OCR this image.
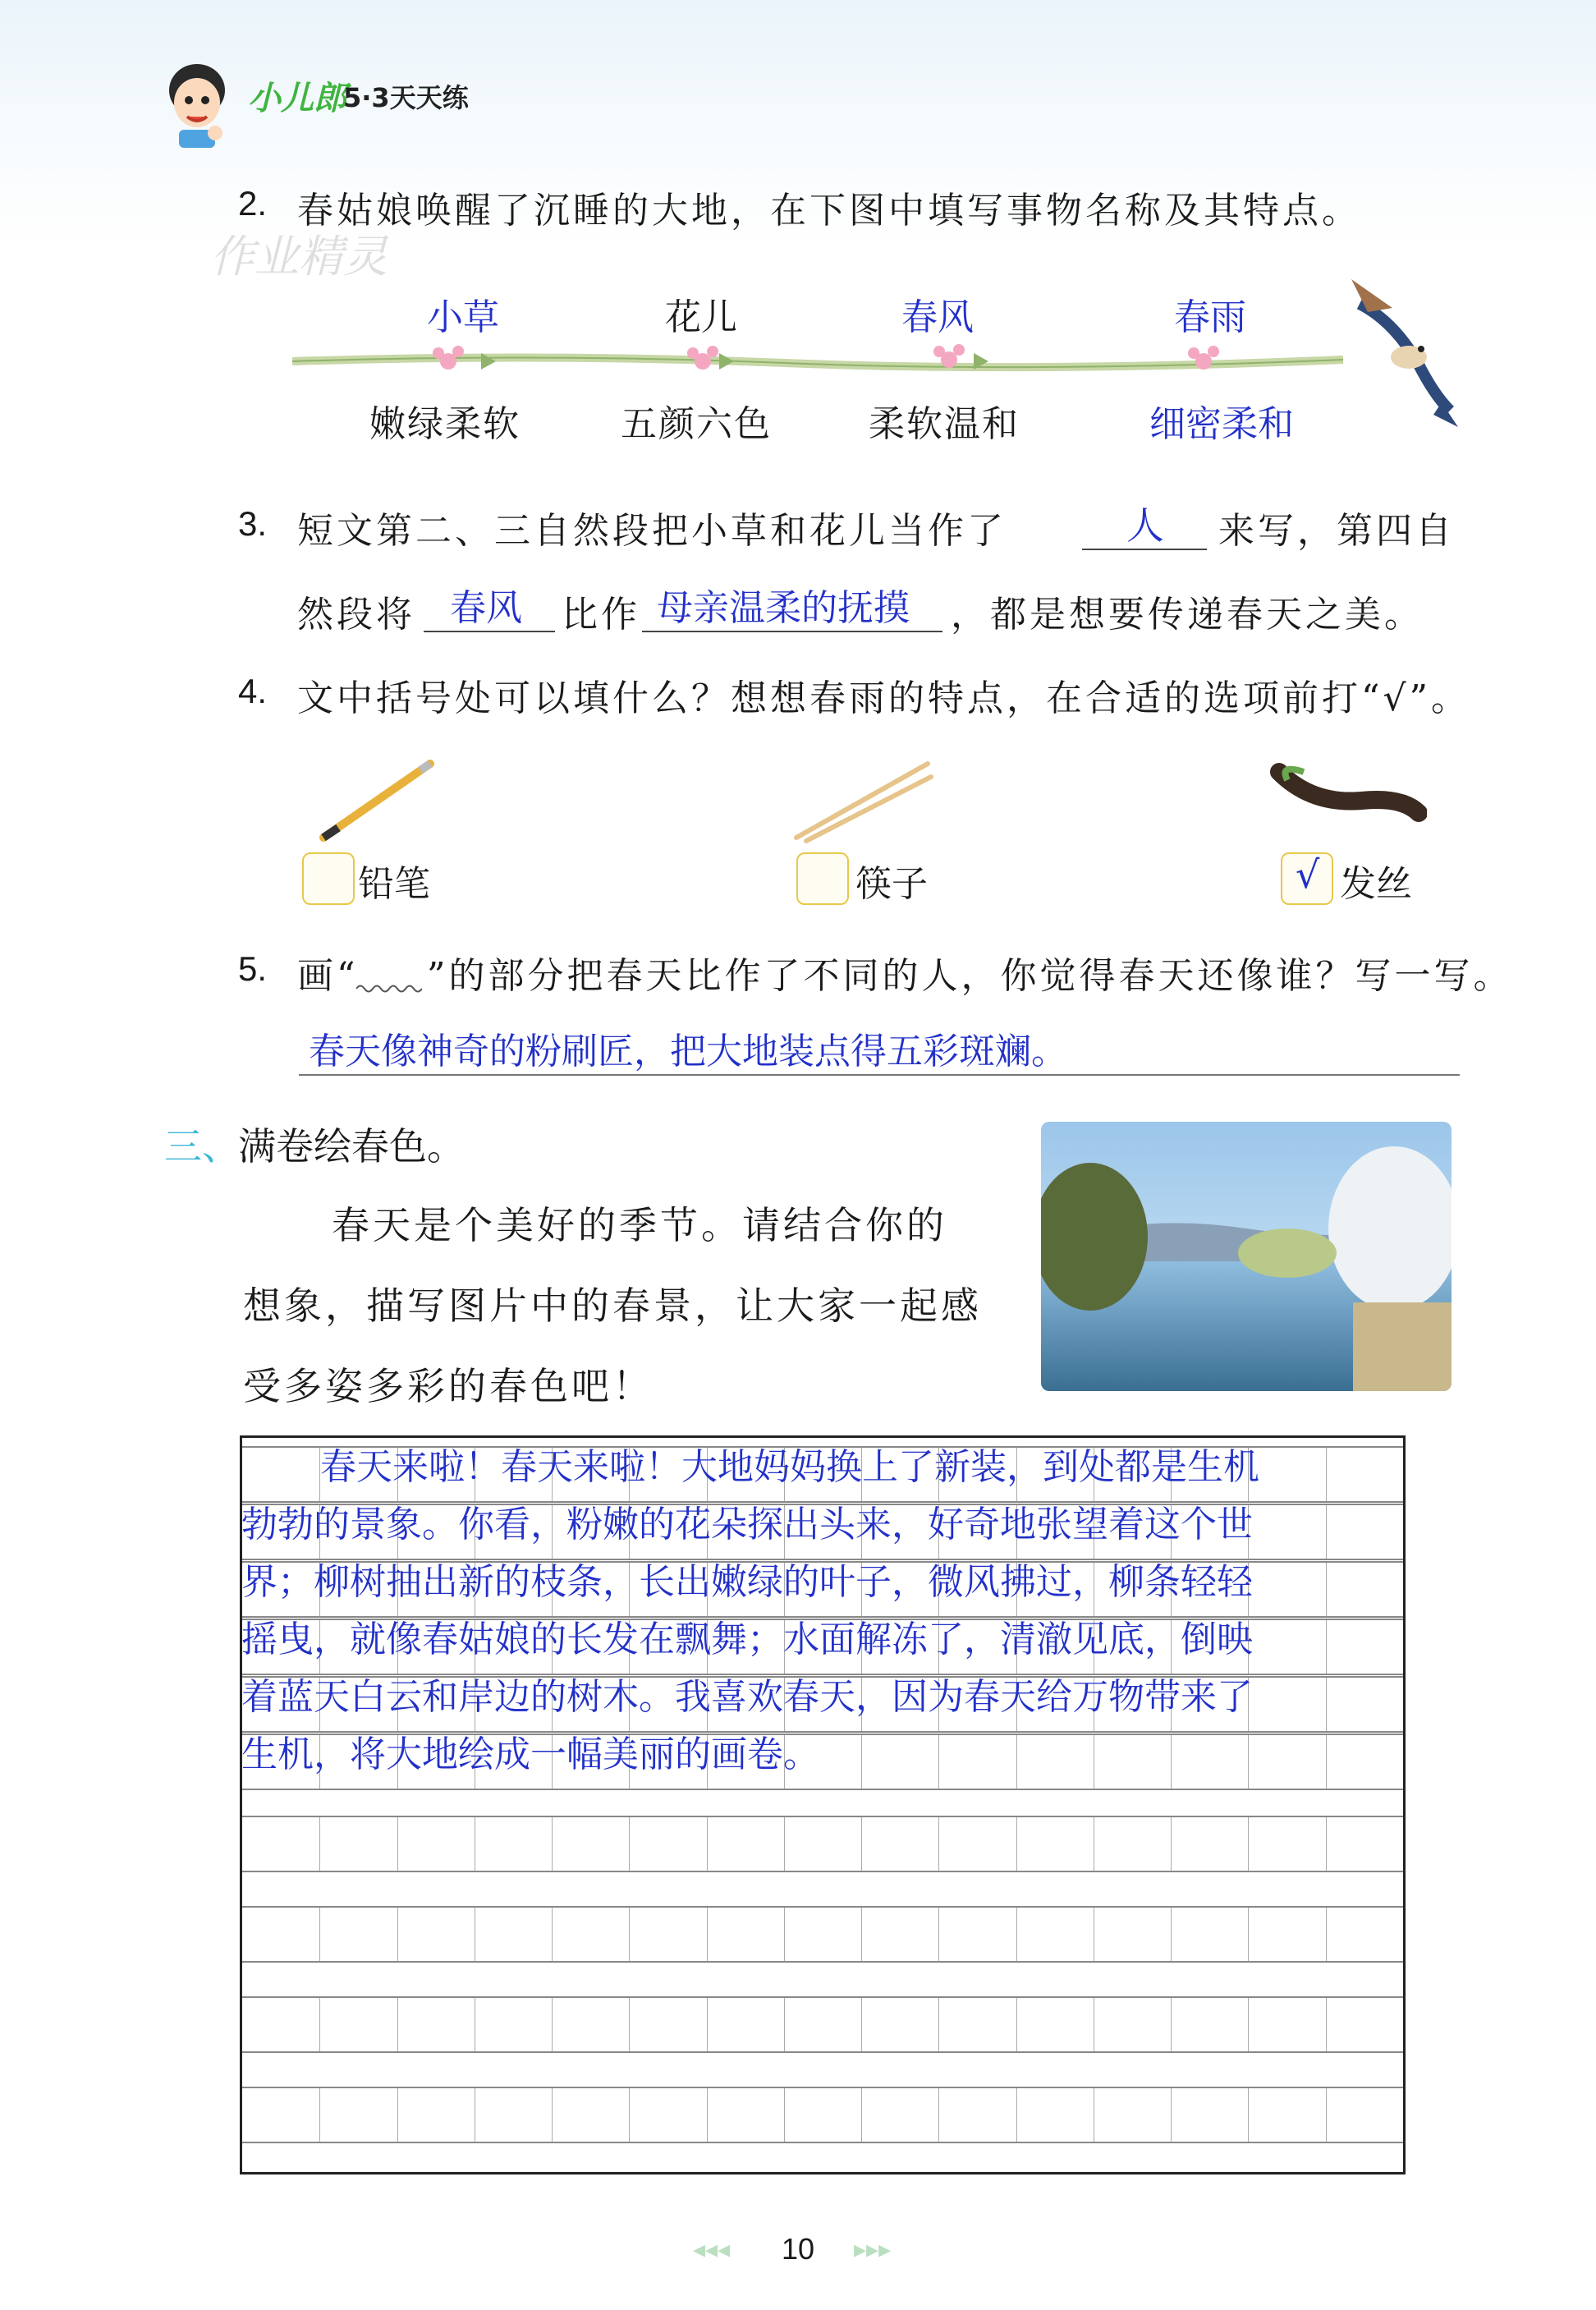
小儿郎
5·3天天练
作业精灵
2. 春姑娘唤醒了沉睡的大地，在下图中填写事物名称及其特点。
小草	花儿	春风	春雨
嫩绿柔软	五颜六色	柔软温和	细密柔和
3. 短文第二、三自然段把小草和花儿当作了	人 来写，第四自
然段将 春风 比作 母亲温柔的抚摸 ，都是想要传递春天之美。
4. 文中括号处可以填什么？想想春雨的特点，在合适的选项前打“√”。
铅笔	筷子	√ 发丝
5. 画“ ”的部分把春天比作了不同的人，你觉得春天还像谁？写一写。
春天像神奇的粉刷匠，把大地装点得五彩斑斓。
三、
满卷绘春色。
春天是个美好的季节。请结合你的
想象，描写图片中的春景，让大家一起感
受多姿多彩的春色吧！
春天来啦！春天来啦！大地妈妈换上了新装，到处都是生机
勃勃的景象。你看，粉嫩的花朵探出头来，好奇地张望着这个世
界；柳树抽出新的枝条，长出嫩绿的叶子，微风拂过，柳条轻轻
摇曳，就像春姑娘的长发在飘舞；水面解冻了，清澈见底，倒映
着蓝天白云和岸边的树木。我喜欢春天，因为春天给万物带来了
生机，将大地绘成一幅美丽的画卷。
◂◂◂ 10 ▸▸▸
